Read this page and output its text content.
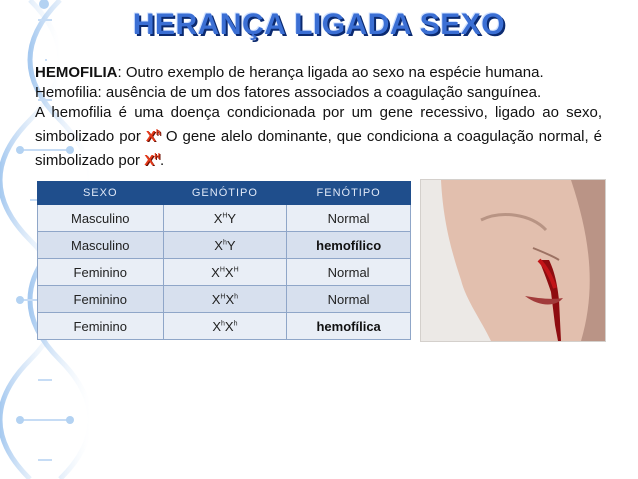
HERANÇA LIGADA SEXO

HEMOFILIA: Outro exemplo de herança ligada ao sexo na espécie humana.

Hemofilia: ausência de um dos fatores associados a coagulação sanguínea.

A hemofilia é uma doença condicionada por um gene recessivo, ligado ao sexo, simbolizado por $X^h$ O gene alelo dominante, que condiciona a coagulação normal, é simbolizado por $X^H$.

SEXO	GENÓTIPO	FENÓTIPO
Masculino	$X^HY$	Normal
Masculino	$X^hY$	hemofílico
Feminino	$X^HX^H$	Normal
Feminino	$X^HX^h$	Normal
Feminino	$X^hX^h$	hemofílica
